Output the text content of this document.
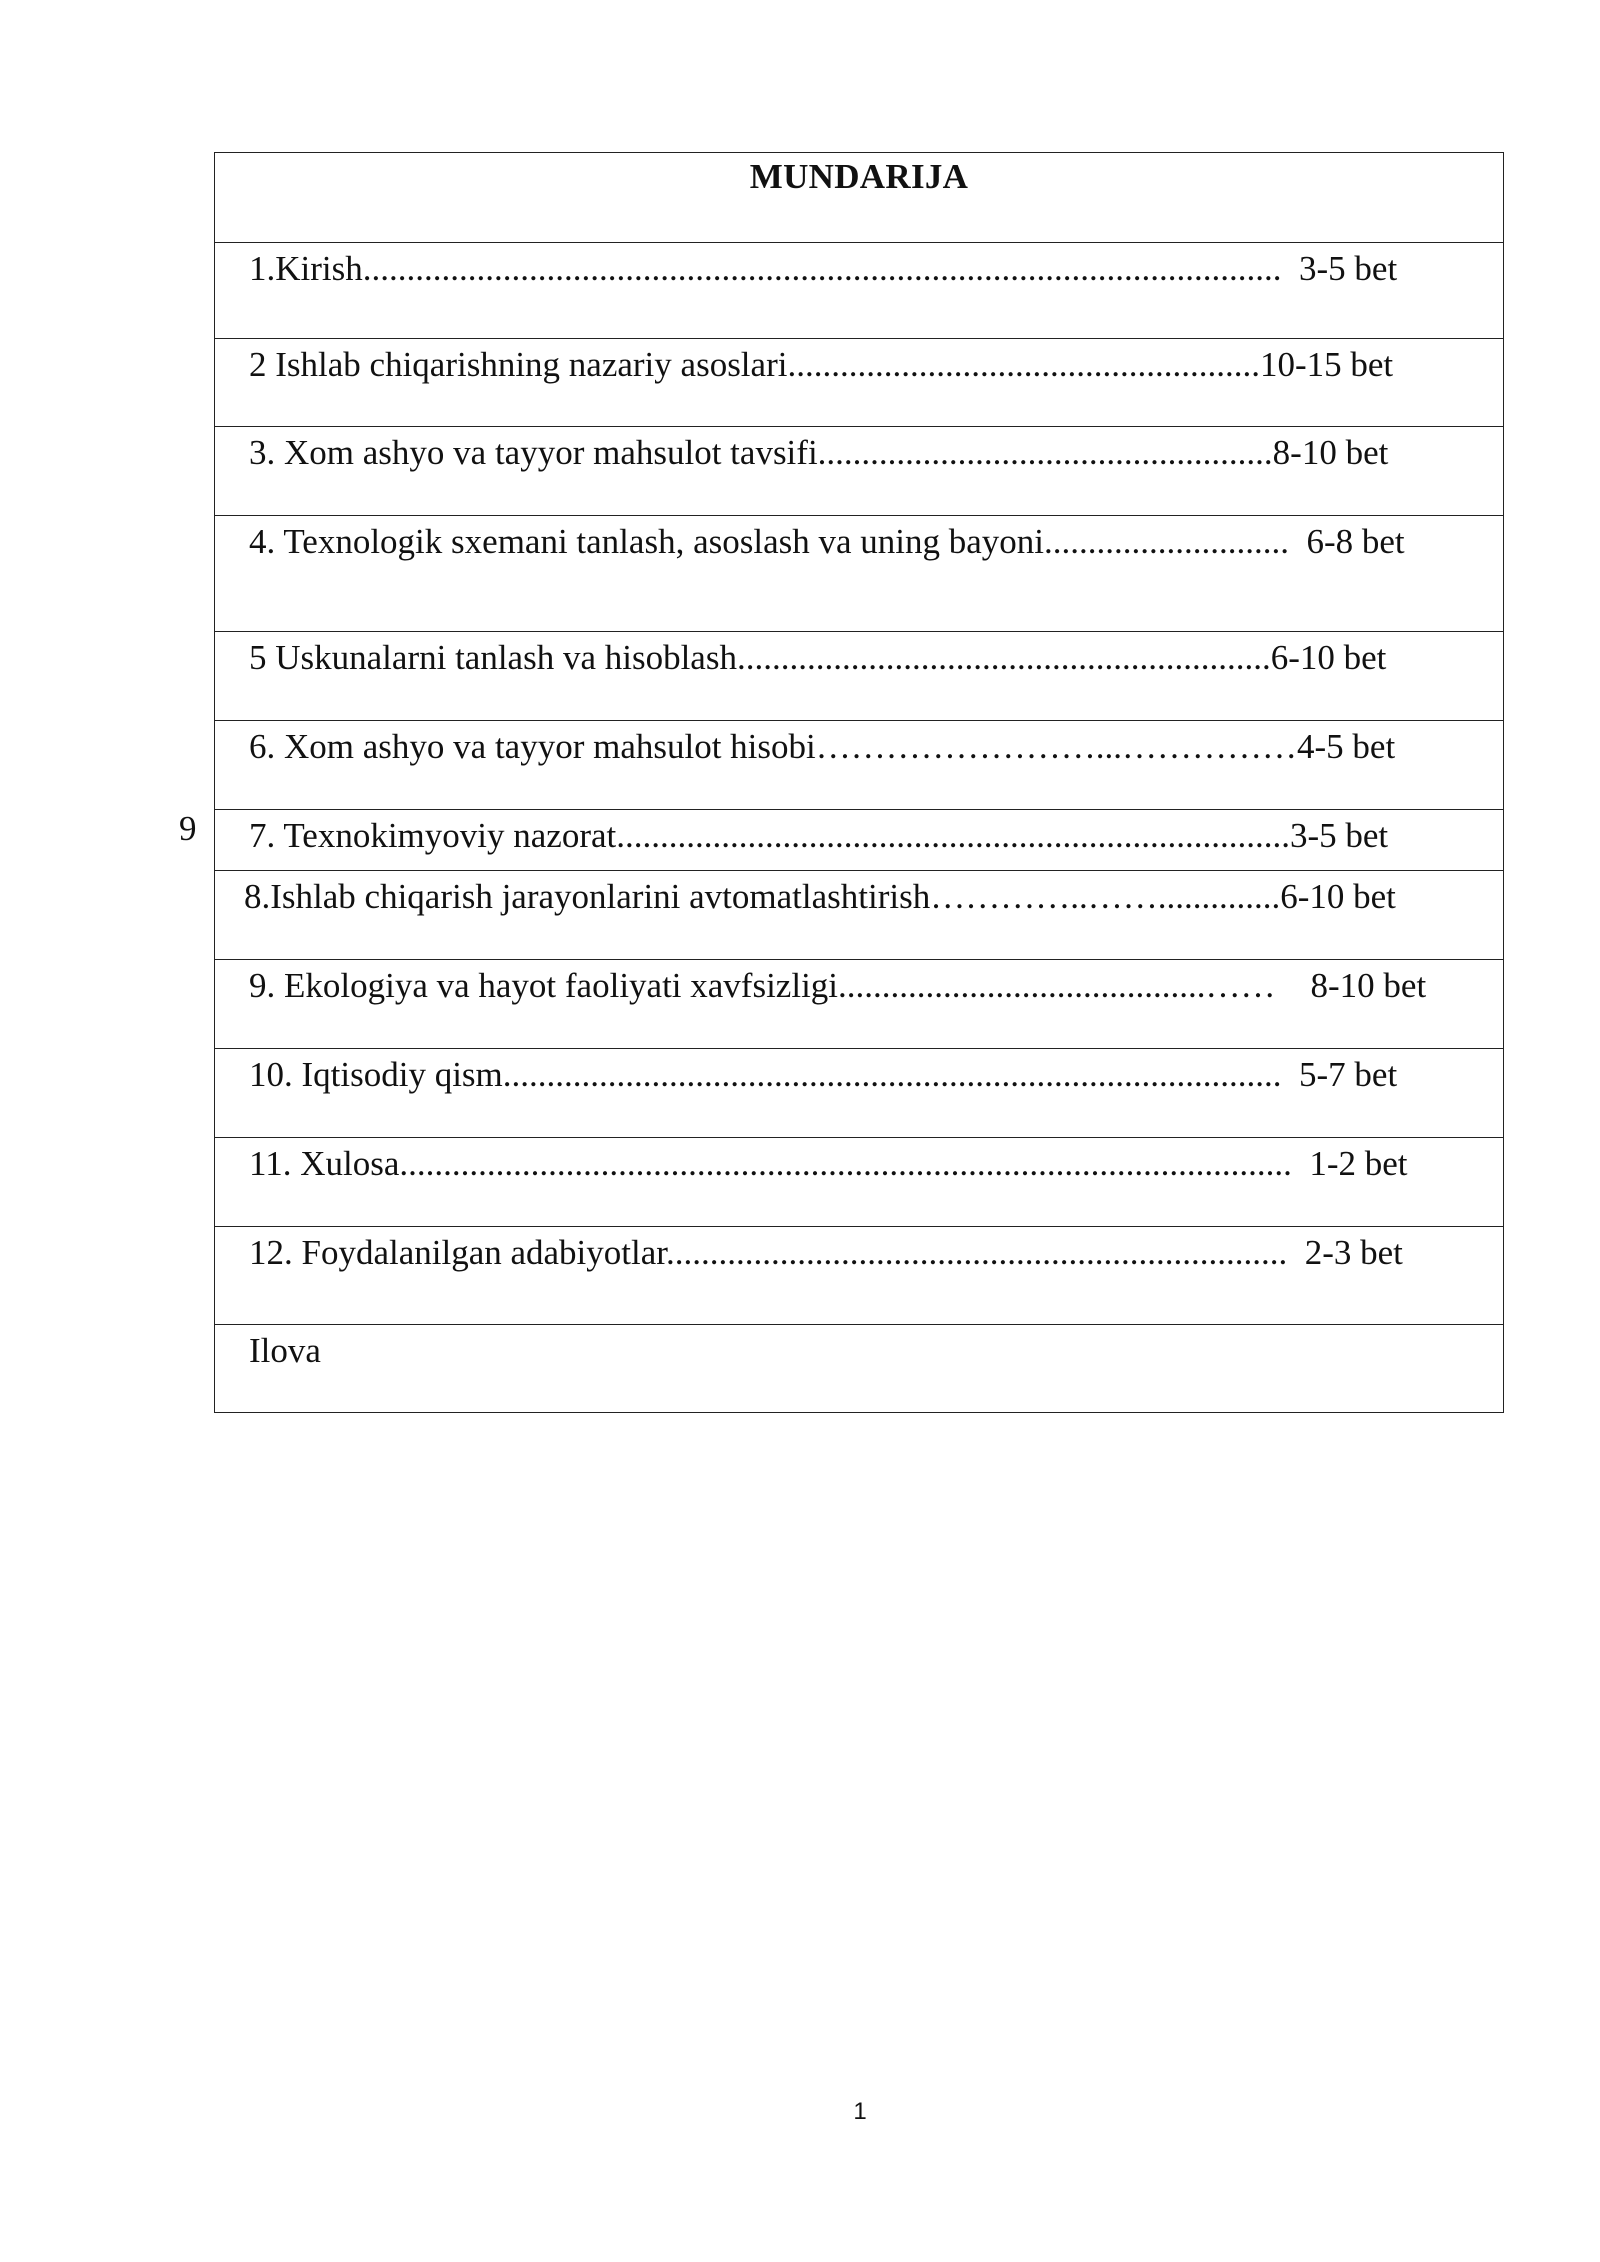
MUNDARIJA
1.Kirish.........................................................................................................  3-5 bet
2 Ishlab chiqarishning nazariy asoslari......................................................10-15 bet
3. Xom ashyo va tayyor mahsulot tavsifi....................................................8-10 bet
4. Texnologik sxemani tanlash, asoslash va uning bayoni............................  6-8 bet
5 Uskunalarni tanlash va hisoblash.............................................................6-10 bet
6. Xom ashyo va tayyor mahsulot hisobi……………………...……………4-5 bet
7. Texnokimyoviy nazorat.............................................................................3-5 bet
8.Ishlab chiqarish jarayonlarini avtomatlashtirish…………..……..............6-10 bet
9. Ekologiya va hayot faoliyati xavfsizligi..........................................……    8-10 bet
10. Iqtisodiy qism.........................................................................................  5-7 bet
11. Xulosa......................................................................................................  1-2 bet
12. Foydalanilgan adabiyotlar.......................................................................  2-3 bet
Ilova
9
1
